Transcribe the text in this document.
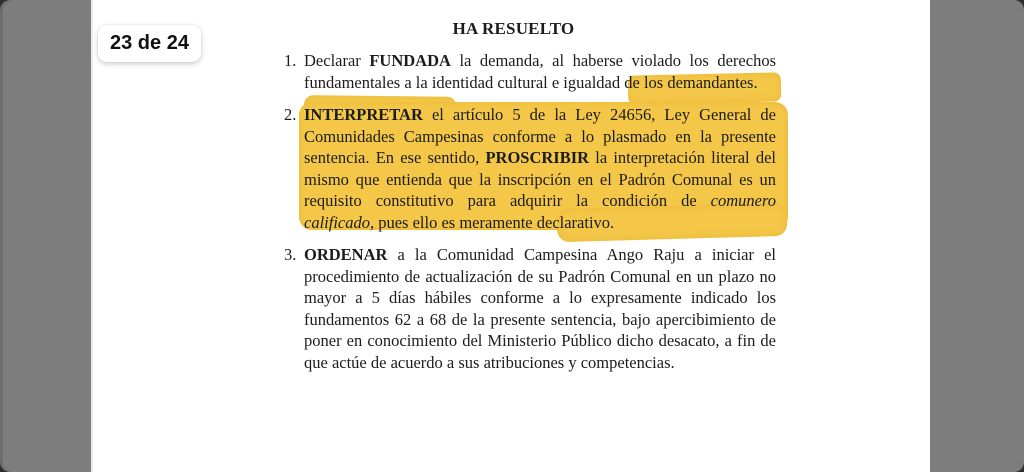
HA RESUELTO
1. Declarar FUNDADA la demanda, al haberse violado los derechos fundamentales a la identidad cultural e igualdad de los demandantes.

2. INTERPRETAR el artículo 5 de la Ley 24656, Ley General de Comunidades Campesinas conforme a lo plasmado en la presente sentencia. En ese sentido, PROSCRIBIR la interpretación literal del mismo que entienda que la inscripción en el Padrón Comunal es un requisito constitutivo para adquirir la condición de comunero calificado, pues ello es meramente declarativo.

3. ORDENAR a la Comunidad Campesina Ango Raju a iniciar el procedimiento de actualización de su Padrón Comunal en un plazo no mayor a 5 días hábiles conforme a lo expresamente indicado los fundamentos 62 a 68 de la presente sentencia, bajo apercibimiento de poner en conocimiento del Ministerio Público dicho desacato, a fin de que actúe de acuerdo a sus atribuciones y competencias.

23 de 24
